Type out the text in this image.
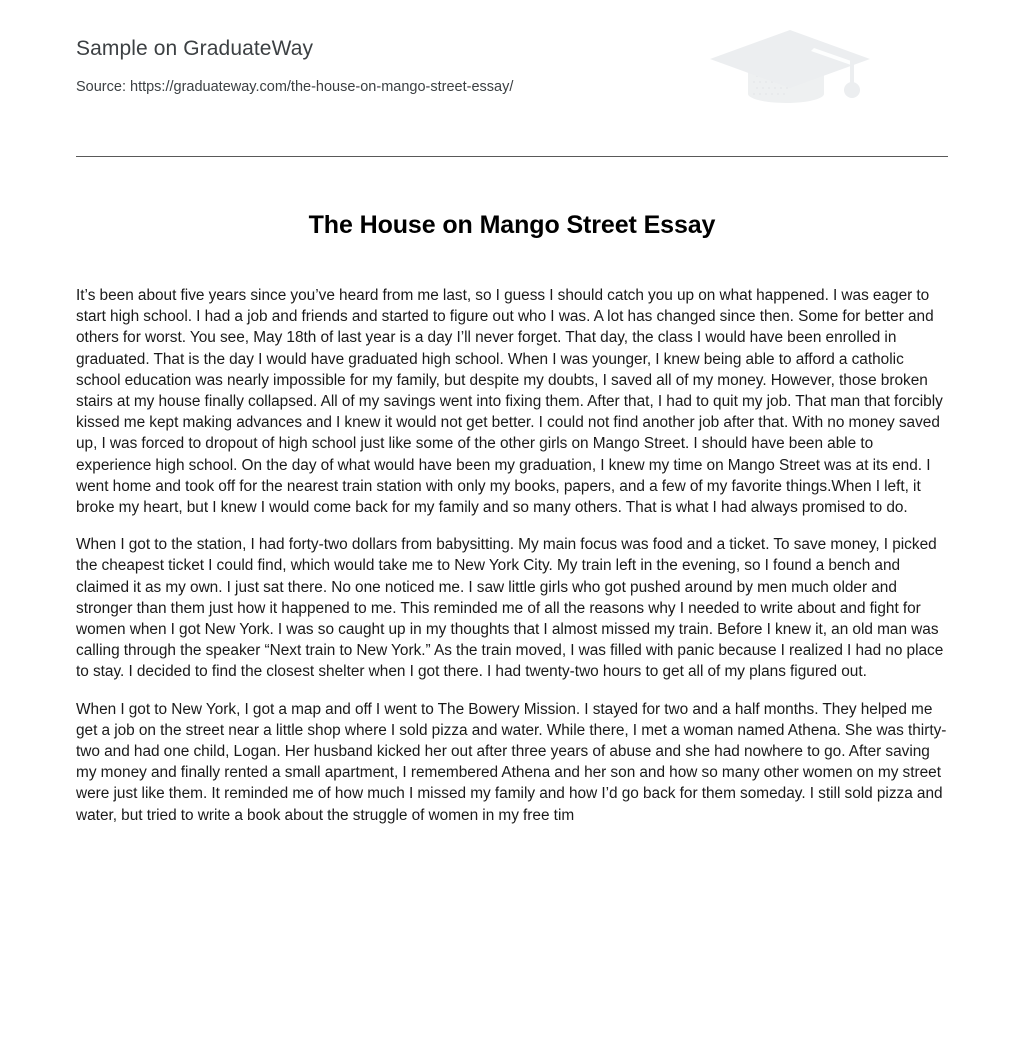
Sample on GraduateWay
Source: https://graduateway.com/the-house-on-mango-street-essay/
The House on Mango Street Essay

It’s been about five years since you’ve heard from me last, so I guess I should catch you up on what happened. I was eager to start high school. I had a job and friends and started to figure out who I was. A lot has changed since then. Some for better and others for worst. You see, May 18th of last year is a day I’ll never forget. That day, the class I would have been enrolled in graduated. That is the day I would have graduated high school. When I was younger, I knew being able to afford a catholic school education was nearly impossible for my family, but despite my doubts, I saved all of my money. However, those broken stairs at my house finally collapsed. All of my savings went into fixing them. After that, I had to quit my job. That man that forcibly kissed me kept making advances and I knew it would not get better. I could not find another job after that. With no money saved up, I was forced to dropout of high school just like some of the other girls on Mango Street. I should have been able to experience high school. On the day of what would have been my graduation, I knew my time on Mango Street was at its end. I went home and took off for the nearest train station with only my books, papers, and a few of my favorite things.When I left, it broke my heart, but I knew I would come back for my family and so many others. That is what I had always promised to do.

When I got to the station, I had forty-two dollars from babysitting. My main focus was food and a ticket. To save money, I picked the cheapest ticket I could find, which would take me to New York City. My train left in the evening, so I found a bench and claimed it as my own. I just sat there. No one noticed me. I saw little girls who got pushed around by men much older and stronger than them just how it happened to me. This reminded me of all the reasons why I needed to write about and fight for women when I got New York. I was so caught up in my thoughts that I almost missed my train. Before I knew it, an old man was calling through the speaker “Next train to New York.” As the train moved, I was filled with panic because I realized I had no place to stay. I decided to find the closest shelter when I got there. I had twenty-two hours to get all of my plans figured out.

When I got to New York, I got a map and off I went to The Bowery Mission. I stayed for two and a half months. They helped me get a job on the street near a little shop where I sold pizza and water. While there, I met a woman named Athena. She was thirty-two and had one child, Logan. Her husband kicked her out after three years of abuse and she had nowhere to go. After saving my money and finally rented a small apartment, I remembered Athena and her son and how so many other women on my street were just like them. It reminded me of how much I missed my family and how I’d go back for them someday. I still sold pizza and water, but tried to write a book about the struggle of women in my free tim
